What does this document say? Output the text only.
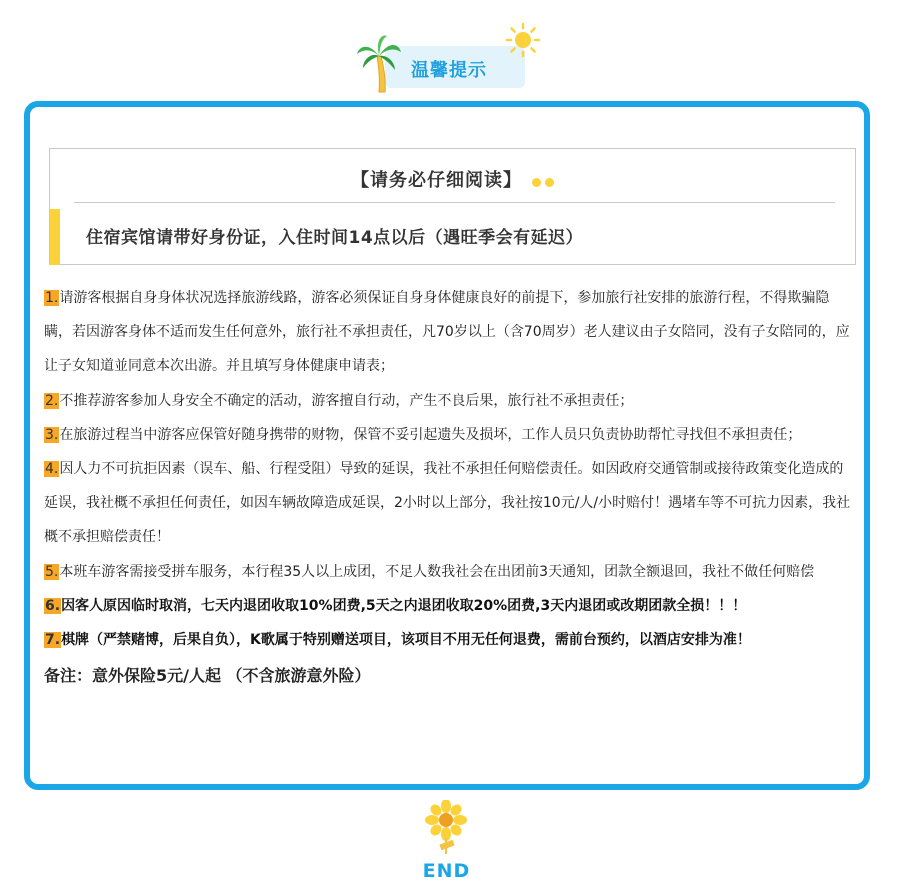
温馨提示
【请务必仔细阅读】
住宿宾馆请带好身份证，入住时间14点以后（遇旺季会有延迟）
1.请游客根据自身身体状况选择旅游线路，游客必须保证自身身体健康良好的前提下，参加旅行社安排的旅游行程，不得欺骗隐瞒，若因游客身体不适而发生任何意外，旅行社不承担责任，凡70岁以上（含70周岁）老人建议由子女陪同，没有子女陪同的，应让子女知道並同意本次出游。并且填写身体健康申请表；
2.不推荐游客参加人身安全不确定的活动，游客擅自行动，产生不良后果，旅行社不承担责任；
3.在旅游过程当中游客应保管好随身携带的财物，保管不妥引起遗失及损坏，工作人员只负责协助帮忙寻找但不承担责任；
4.因人力不可抗拒因素（误车、船、行程受阻）导致的延误，我社不承担任何赔偿责任。如因政府交通管制或接待政策变化造成的延误，我社概不承担任何责任，如因车辆故障造成延误，2小时以上部分，我社按10元/人/小时赔付！遇堵车等不可抗力因素，我社概不承担赔偿责任！
5.本班车游客需接受拼车服务，本行程35人以上成团，不足人数我社会在出团前3天通知，团款全额退回，我社不做任何赔偿
6.因客人原因临时取消，七天内退团收取10%团费,5天之内退团收取20%团费,3天内退团或改期团款全损！！！
7.棋牌（严禁赌博，后果自负），K歌属于特别赠送项目，该项目不用无任何退费，需前台预约，以酒店安排为准！
备注：意外保险5元/人起 （不含旅游意外险）
END
